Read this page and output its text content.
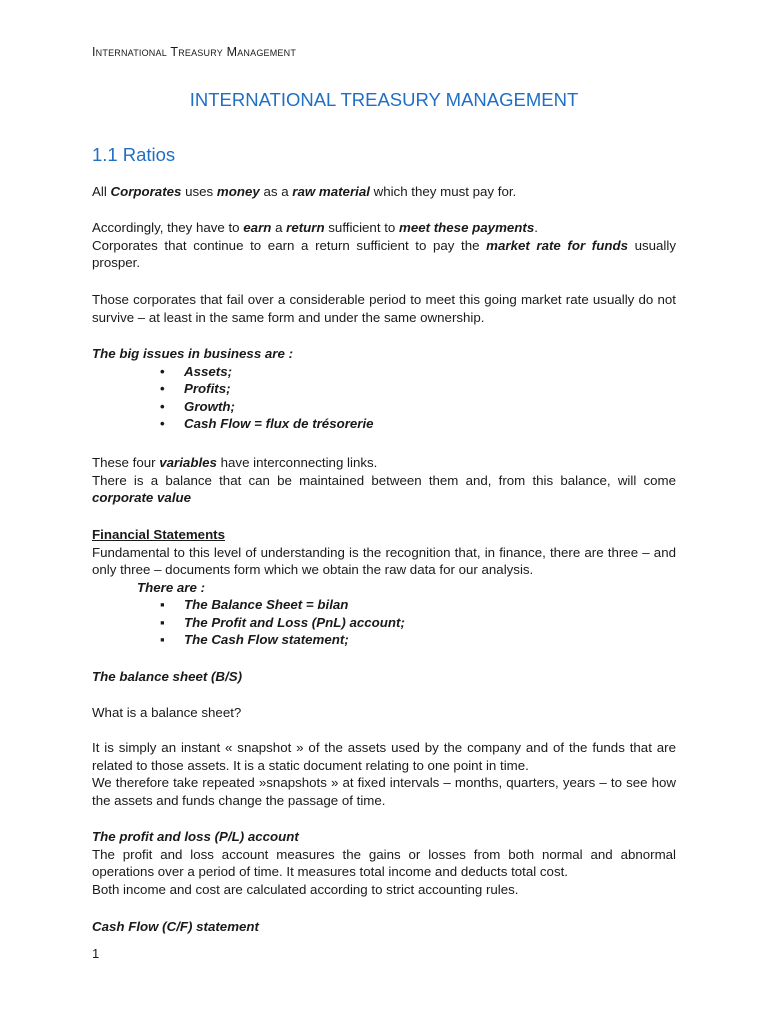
International Treasury Management
INTERNATIONAL TREASURY MANAGEMENT
1.1 Ratios

All Corporates uses money as a raw material which they must pay for.

Accordingly, they have to earn a return sufficient to meet these payments.

Corporates that continue to earn a return sufficient to pay the market rate for funds usually prosper.

Those corporates that fail over a considerable period to meet this going market rate usually do not survive – at least in the same form and under the same ownership.

The big issues in business are :

• Assets;
• Profits;
• Growth;
• Cash Flow = flux de trésorerie

These four variables have interconnecting links.

There is a balance that can be maintained between them and, from this balance, will come corporate value

Financial Statements

Fundamental to this level of understanding is the recognition that, in finance, there are three – and only three – documents form which we obtain the raw data for our analysis.

There are :

▪ The Balance Sheet = bilan
▪ The Profit and Loss (PnL) account;
▪ The Cash Flow statement;

The balance sheet (B/S)

What is a balance sheet?

It is simply an instant « snapshot » of the assets used by the company and of the funds that are related to those assets. It is a static document relating to one point in time.

We therefore take repeated »snapshots » at fixed intervals – months, quarters, years – to see how the assets and funds change the passage of time.

The profit and loss (P/L) account

The profit and loss account measures the gains or losses from both normal and abnormal operations over a period of time. It measures total income and deducts total cost.

Both income and cost are calculated according to strict accounting rules.

Cash Flow (C/F) statement

1
